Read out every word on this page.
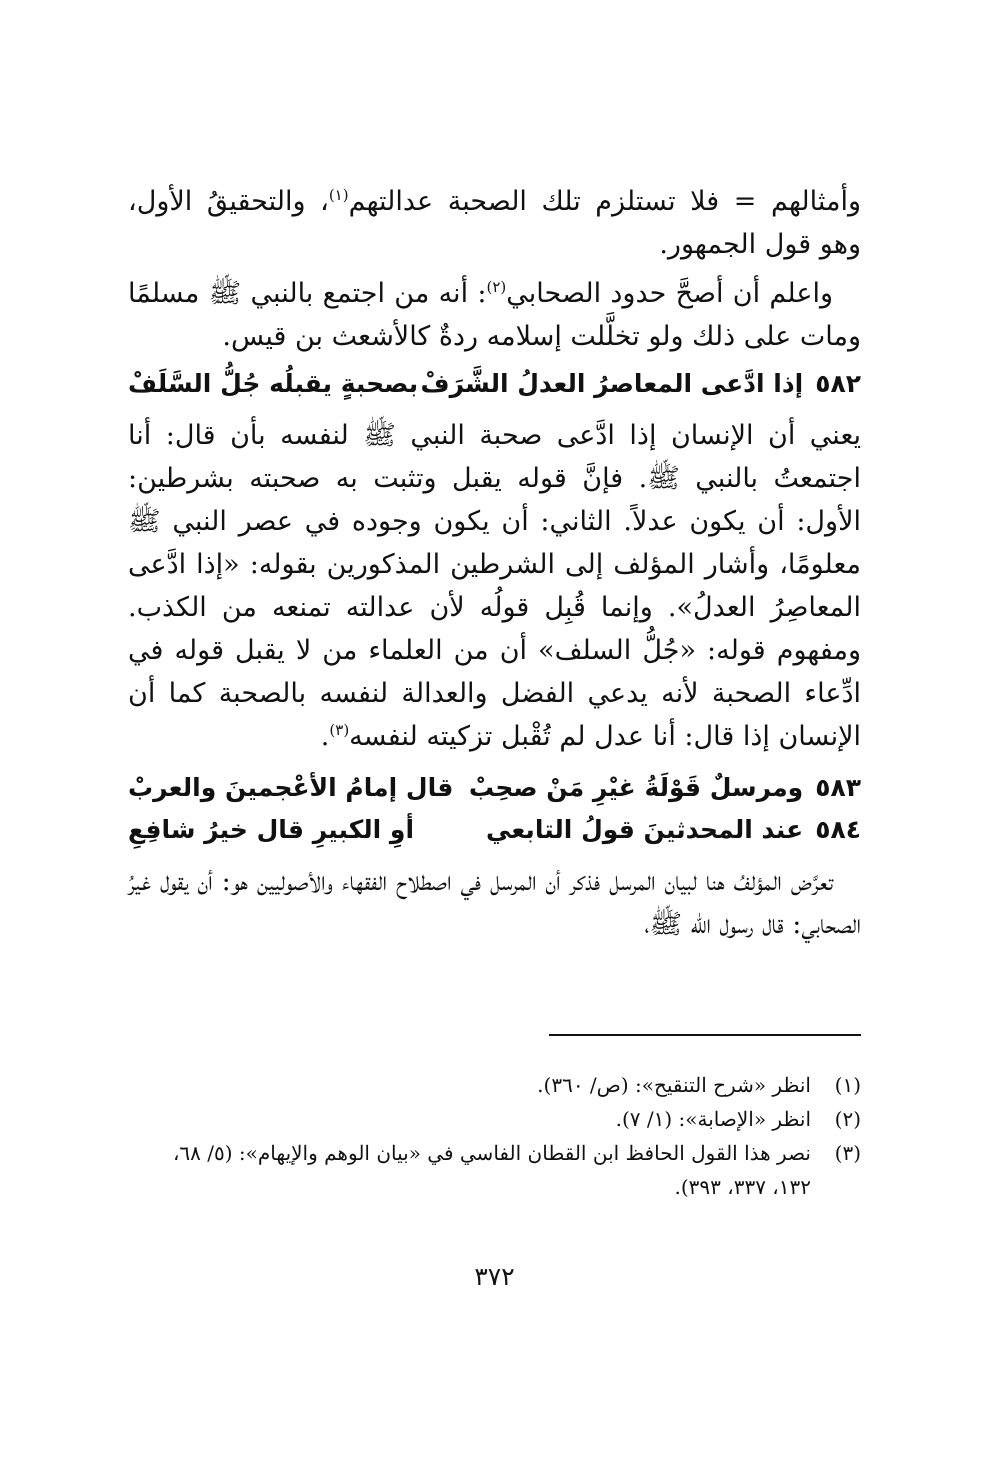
وأمثالهم = فلا تستلزم تلك الصحبة عدالتهم$^{(١)}$، والتحقيقُ الأول، وهو قول الجمهور.

واعلم أن أصحَّ حدود الصحابي$^{(٢)}$: أنه من اجتمع بالنبي ﷺ مسلمًا ومات على ذلك ولو تخلَّلت إسلامه ردةٌ كالأشعث بن قيس.

٥٨٢
إذا ادَّعى المعاصرُ العدلُ الشَّرَفْ
بصحبةٍ يقبلُه جُلُّ السَّلَفْ

يعني أن الإنسان إذا ادَّعى صحبة النبي ﷺ لنفسه بأن قال: أنا اجتمعتُ بالنبي ﷺ. فإنَّ قوله يقبل وتثبت به صحبته بشرطين: الأول: أن يكون عدلاً. الثاني: أن يكون وجوده في عصر النبي ﷺ معلومًا، وأشار المؤلف إلى الشرطين المذكورين بقوله: «إذا ادَّعى المعاصِرُ العدلُ». وإنما قُبِل قولُه لأن عدالته تمنعه من الكذب. ومفهوم قوله: «جُلُّ السلف» أن من العلماء من لا يقبل قوله في ادِّعاء الصحبة لأنه يدعي الفضل والعدالة لنفسه بالصحبة كما أن الإنسان إذا قال: أنا عدل لم تُقْبل تزكيته لنفسه$^{(٣)}$.

٥٨٣
ومرسلٌ قَوْلَةُ غيْرِ مَنْ صحِبْ
قال إمامُ الأعْجمينَ والعربْ
٥٨٤
عند المحدثينَ قولُ التابعي
أوِ الكبيرِ قال خيرُ شافِعِ

تعرَّض المؤلفُ هنا لبيان المرسل فذكر أن المرسل في اصطلاح الفقهاء والأصوليين هو: أن يقول غيرُ الصحابي: قال رسول الله ﷺ،

(١)
انظر «شرح التنقيح»: (ص/ ٣٦٠).
(٢)
انظر «الإصابة»: (١/ ٧).
(٣)
نصر هذا القول الحافظ ابن القطان الفاسي في «بيان الوهم والإيهام»: (٥/ ٦٨، ١٣٢، ٣٣٧، ٣٩٣).
٣٧٢
